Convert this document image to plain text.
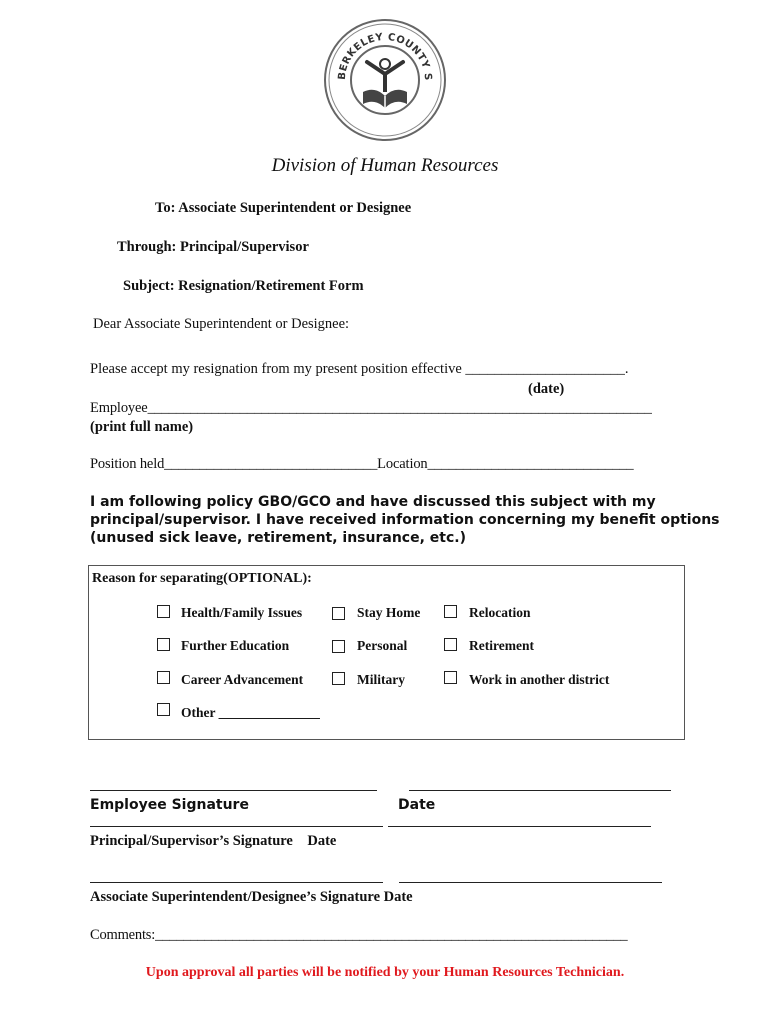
BERKELEY COUNTY S
Division of Human Resources
To: Associate Superintendent or Designee
Through: Principal/Supervisor
Subject: Resignation/Retirement Form
Dear Associate Superintendent or Designee:
Please accept my resignation from my present position effective ______________________.
(date)
Employee_______________________________________________________________________
(print full name)
Position held______________________________Location_____________________________
I am following policy GBO/GCO and have discussed this subject with my principal/supervisor. I have received information concerning my benefit options (unused sick leave, retirement, insurance, etc.)
Reason for separating(OPTIONAL):
Health/Family Issues	Stay Home	Relocation
Further Education	Personal	Retirement
Career Advancement	Military	Work in another district
Other _______________
Employee Signature	Date
Principal/Supervisor’s Signature    Date
Associate Superintendent/Designee’s Signature Date
Comments:___________________________________________________________________
Upon approval all parties will be notified by your Human Resources Technician.
